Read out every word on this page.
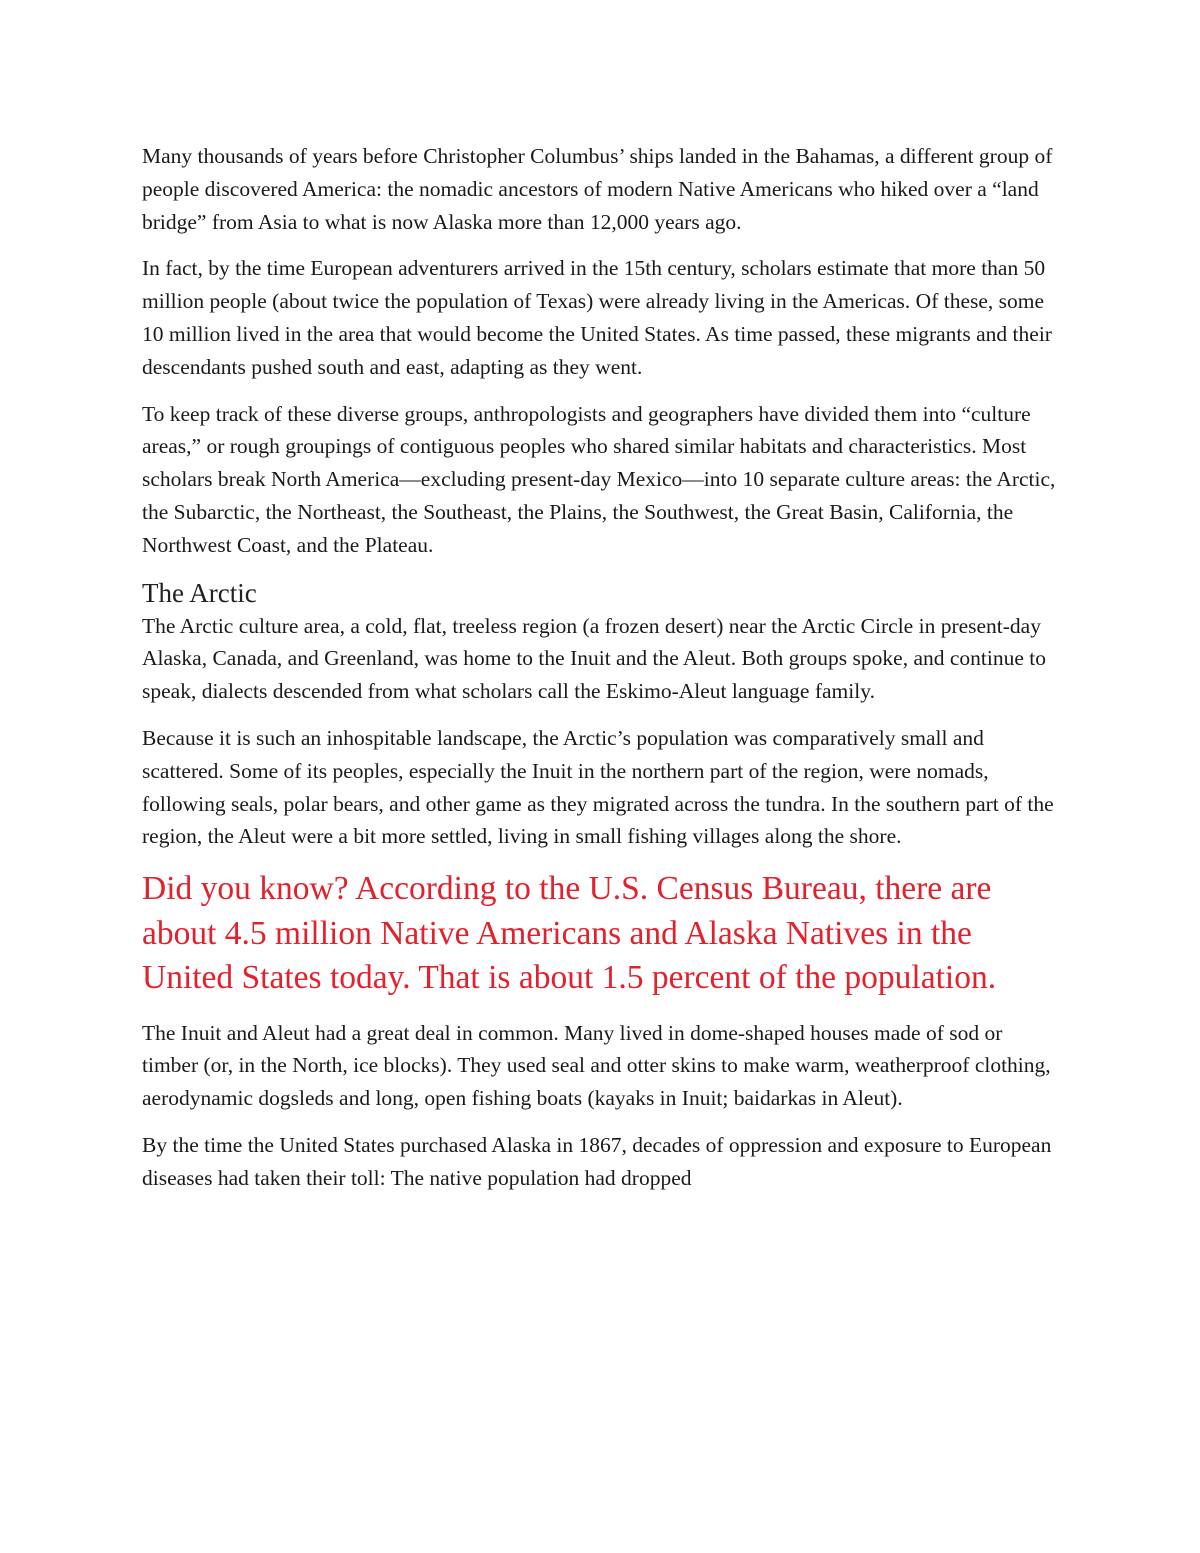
Many thousands of years before Christopher Columbus’ ships landed in the Bahamas, a different group of people discovered America: the nomadic ancestors of modern Native Americans who hiked over a “land bridge” from Asia to what is now Alaska more than 12,000 years ago.

In fact, by the time European adventurers arrived in the 15th century, scholars estimate that more than 50 million people (about twice the population of Texas) were already living in the Americas. Of these, some 10 million lived in the area that would become the United States. As time passed, these migrants and their descendants pushed south and east, adapting as they went.

To keep track of these diverse groups, anthropologists and geographers have divided them into “culture areas,” or rough groupings of contiguous peoples who shared similar habitats and characteristics. Most scholars break North America—excluding present-day Mexico—into 10 separate culture areas: the Arctic, the Subarctic, the Northeast, the Southeast, the Plains, the Southwest, the Great Basin, California, the Northwest Coast, and the Plateau.

The Arctic

The Arctic culture area, a cold, flat, treeless region (a frozen desert) near the Arctic Circle in present-day Alaska, Canada, and Greenland, was home to the Inuit and the Aleut. Both groups spoke, and continue to speak, dialects descended from what scholars call the Eskimo-Aleut language family.

Because it is such an inhospitable landscape, the Arctic’s population was comparatively small and scattered. Some of its peoples, especially the Inuit in the northern part of the region, were nomads, following seals, polar bears, and other game as they migrated across the tundra. In the southern part of the region, the Aleut were a bit more settled, living in small fishing villages along the shore.

Did you know? According to the U.S. Census Bureau, there are about 4.5 million Native Americans and Alaska Natives in the United States today. That is about 1.5 percent of the population.

The Inuit and Aleut had a great deal in common. Many lived in dome-shaped houses made of sod or timber (or, in the North, ice blocks). They used seal and otter skins to make warm, weatherproof clothing, aerodynamic dogsleds and long, open fishing boats (kayaks in Inuit; baidarkas in Aleut).

By the time the United States purchased Alaska in 1867, decades of oppression and exposure to European diseases had taken their toll: The native population had dropped
